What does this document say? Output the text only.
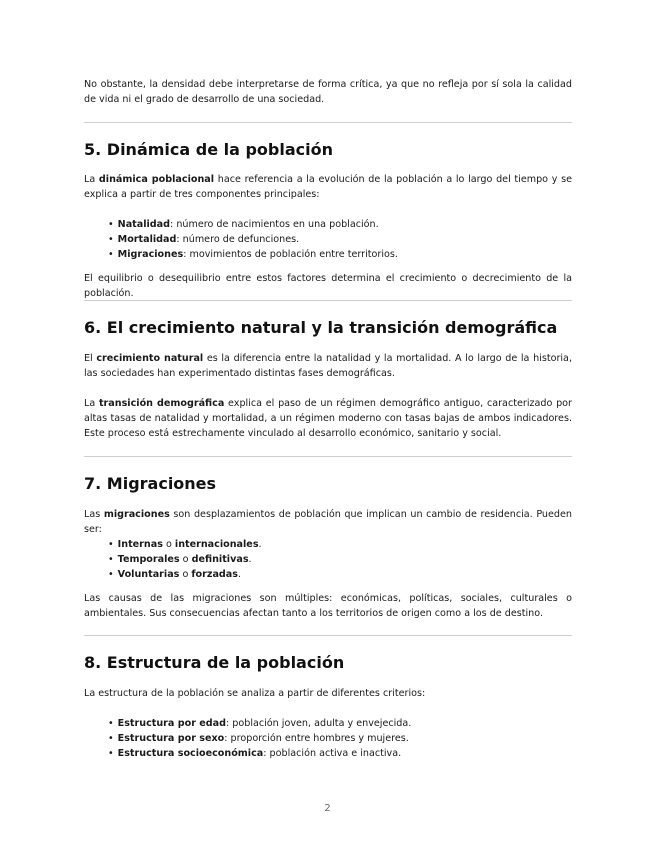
No obstante, la densidad debe interpretarse de forma crítica, ya que no refleja por sí sola la calidad de vida ni el grado de desarrollo de una sociedad.

5. Dinámica de la población

La dinámica poblacional hace referencia a la evolución de la población a lo largo del tiempo y se explica a partir de tres componentes principales:

• Natalidad: número de nacimientos en una población.
• Mortalidad: número de defunciones.
• Migraciones: movimientos de población entre territorios.

El equilibrio o desequilibrio entre estos factores determina el crecimiento o decrecimiento de la población.

6. El crecimiento natural y la transición demográfica

El crecimiento natural es la diferencia entre la natalidad y la mortalidad. A lo largo de la historia, las sociedades han experimentado distintas fases demográficas.

La transición demográfica explica el paso de un régimen demográfico antiguo, caracterizado por altas tasas de natalidad y mortalidad, a un régimen moderno con tasas bajas de ambos indicadores. Este proceso está estrechamente vinculado al desarrollo económico, sanitario y social.

7. Migraciones

Las migraciones son desplazamientos de población que implican un cambio de residencia. Pueden ser:

• Internas o internacionales.
• Temporales o definitivas.
• Voluntarias o forzadas.

Las causas de las migraciones son múltiples: económicas, políticas, sociales, culturales o ambientales. Sus consecuencias afectan tanto a los territorios de origen como a los de destino.

8. Estructura de la población

La estructura de la población se analiza a partir de diferentes criterios:

• Estructura por edad: población joven, adulta y envejecida.
• Estructura por sexo: proporción entre hombres y mujeres.
• Estructura socioeconómica: población activa e inactiva.
2
